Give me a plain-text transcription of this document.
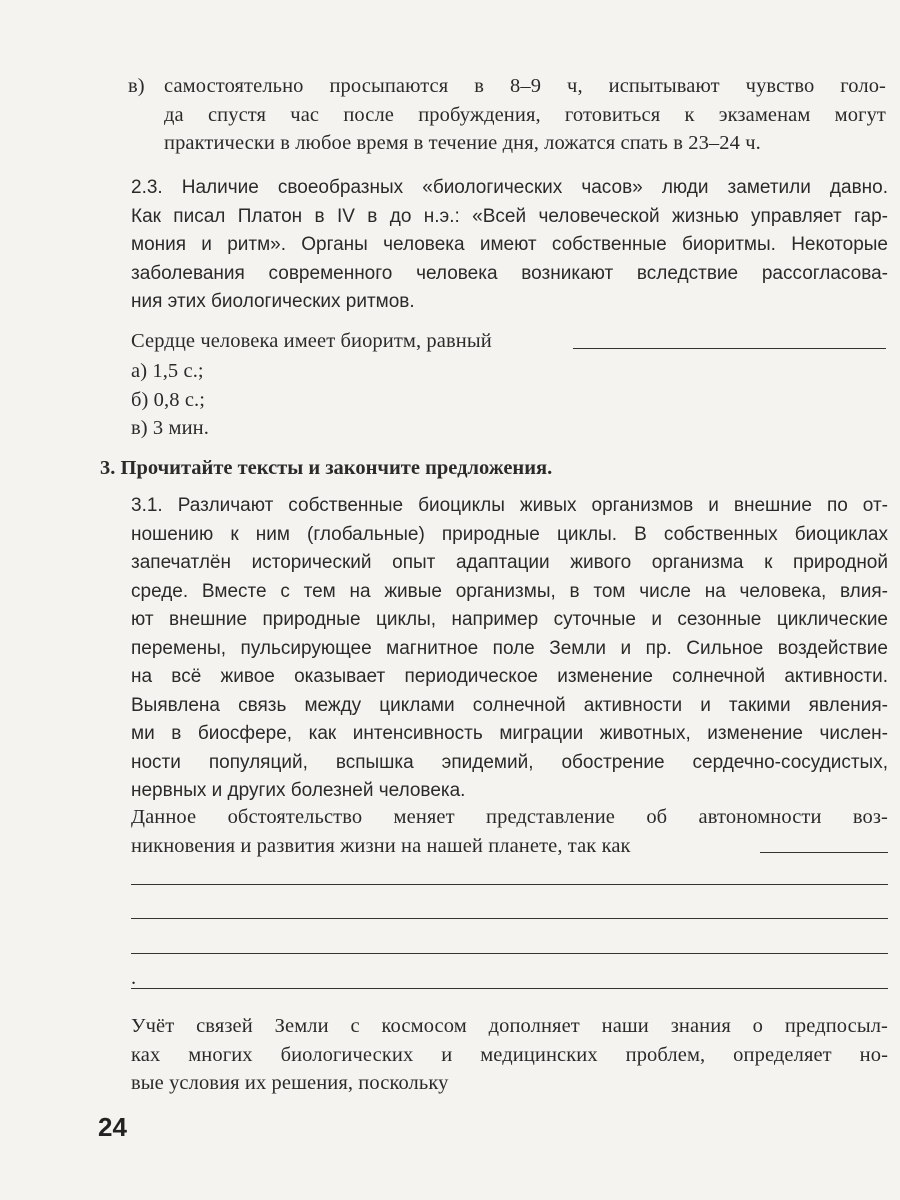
в) самостоятельно просыпаются в 8–9 ч, испытывают чувство голо-
да спустя час после пробуждения, готовиться к экзаменам могут
практически в любое время в течение дня, ложатся спать в 23–24 ч.
2.3. Наличие своеобразных «биологических часов» люди заметили давно.
Как писал Платон в IV в до н.э.: «Всей человеческой жизнью управляет гар-
мония и ритм». Органы человека имеют собственные биоритмы. Некоторые
заболевания современного человека возникают вследствие рассогласова-
ния этих биологических ритмов.
Сердце человека имеет биоритм, равный
а) 1,5 с.;
б) 0,8 с.;
в) 3 мин.
3. Прочитайте тексты и закончите предложения.
3.1. Различают собственные биоциклы живых организмов и внешние по от-
ношению к ним (глобальные) природные циклы. В собственных биоциклах
запечатлён исторический опыт адаптации живого организма к природной
среде. Вместе с тем на живые организмы, в том числе на человека, влия-
ют внешние природные циклы, например суточные и сезонные циклические
перемены, пульсирующее магнитное поле Земли и пр. Сильное воздействие
на всё живое оказывает периодическое изменение солнечной активности.
Выявлена связь между циклами солнечной активности и такими явления-
ми в биосфере, как интенсивность миграции животных, изменение числен-
ности популяций, вспышка эпидемий, обострение сердечно-сосудистых,
нервных и других болезней человека.
Данное обстоятельство меняет представление об автономности воз-
никновения и развития жизни на нашей планете, так как
.
Учёт связей Земли с космосом дополняет наши знания о предпосыл-
ках многих биологических и медицинских проблем, определяет но-
вые условия их решения, поскольку
24
